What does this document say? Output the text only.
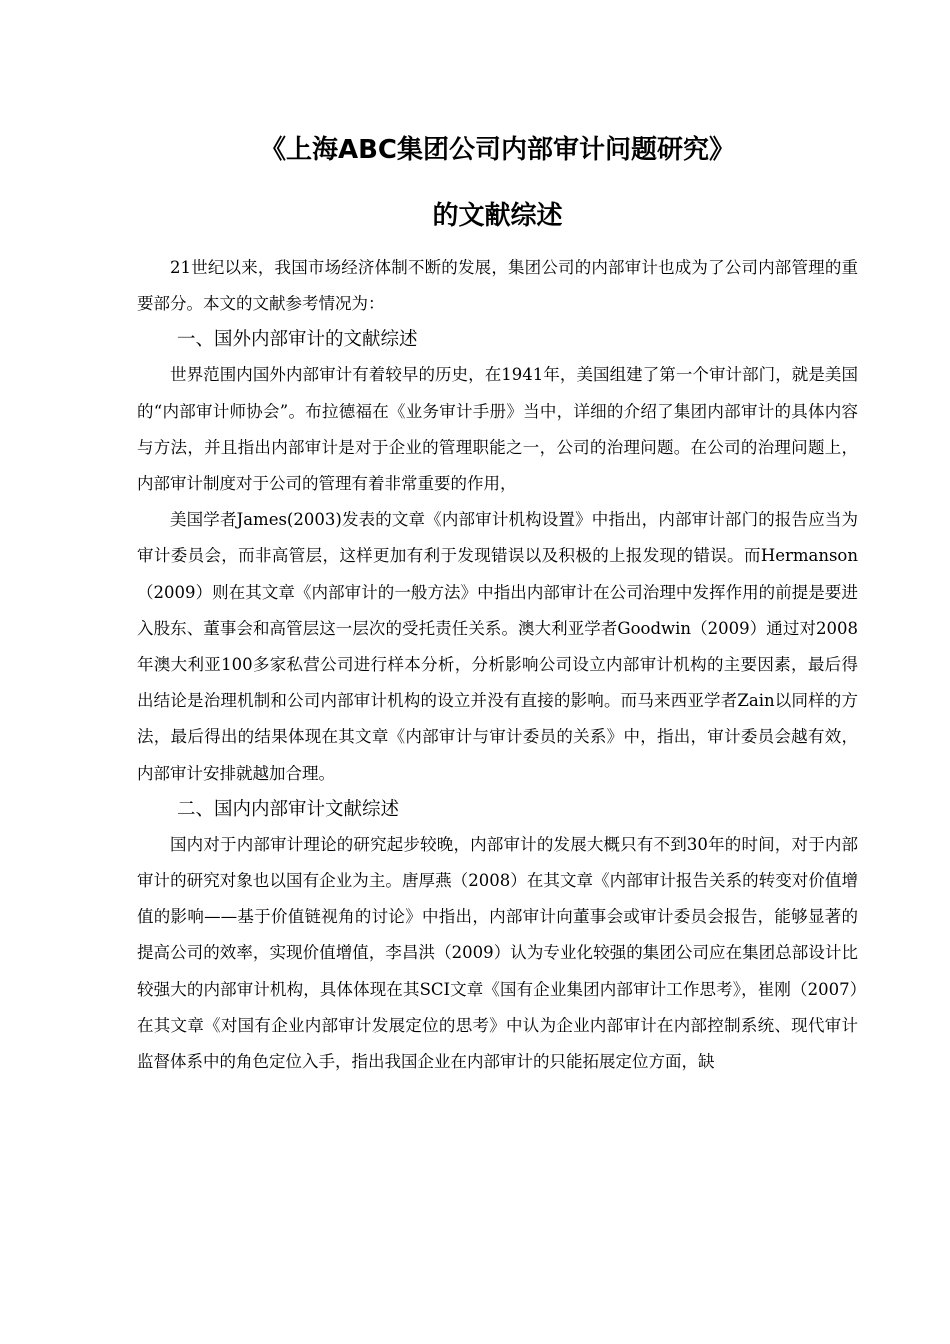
《上海ABC集团公司内部审计问题研究》
的文献综述

21世纪以来，我国市场经济体制不断的发展，集团公司的内部审计也成为了公司内部管理的重要部分。本文的文献参考情况为：

一、国外内部审计的文献综述

世界范围内国外内部审计有着较早的历史，在1941年，美国组建了第一个审计部门，就是美国的“内部审计师协会”。布拉德福在《业务审计手册》当中，详细的介绍了集团内部审计的具体内容与方法，并且指出内部审计是对于企业的管理职能之一，公司的治理问题。在公司的治理问题上，内部审计制度对于公司的管理有着非常重要的作用，

美国学者James(2003)发表的文章《内部审计机构设置》中指出，内部审计部门的报告应当为审计委员会，而非高管层，这样更加有利于发现错误以及积极的上报发现的错误。而Hermanson（2009）则在其文章《内部审计的一般方法》中指出内部审计在公司治理中发挥作用的前提是要进入股东、董事会和高管层这一层次的受托责任关系。澳大利亚学者Goodwin（2009）通过对2008年澳大利亚100多家私营公司进行样本分析，分析影响公司设立内部审计机构的主要因素，最后得出结论是治理机制和公司内部审计机构的设立并没有直接的影响。而马来西亚学者Zain以同样的方法，最后得出的结果体现在其文章《内部审计与审计委员的关系》中，指出，审计委员会越有效，内部审计安排就越加合理。

二、国内内部审计文献综述

国内对于内部审计理论的研究起步较晚，内部审计的发展大概只有不到30年的时间，对于内部审计的研究对象也以国有企业为主。唐厚燕（2008）在其文章《内部审计报告关系的转变对价值增值的影响——基于价值链视角的讨论》中指出，内部审计向董事会或审计委员会报告，能够显著的提高公司的效率，实现价值增值，李昌洪（2009）认为专业化较强的集团公司应在集团总部设计比较强大的内部审计机构，具体体现在其SCI文章《国有企业集团内部审计工作思考》，崔刚（2007）在其文章《对国有企业内部审计发展定位的思考》中认为企业内部审计在内部控制系统、现代审计监督体系中的角色定位入手，指出我国企业在内部审计的只能拓展定位方面，缺
